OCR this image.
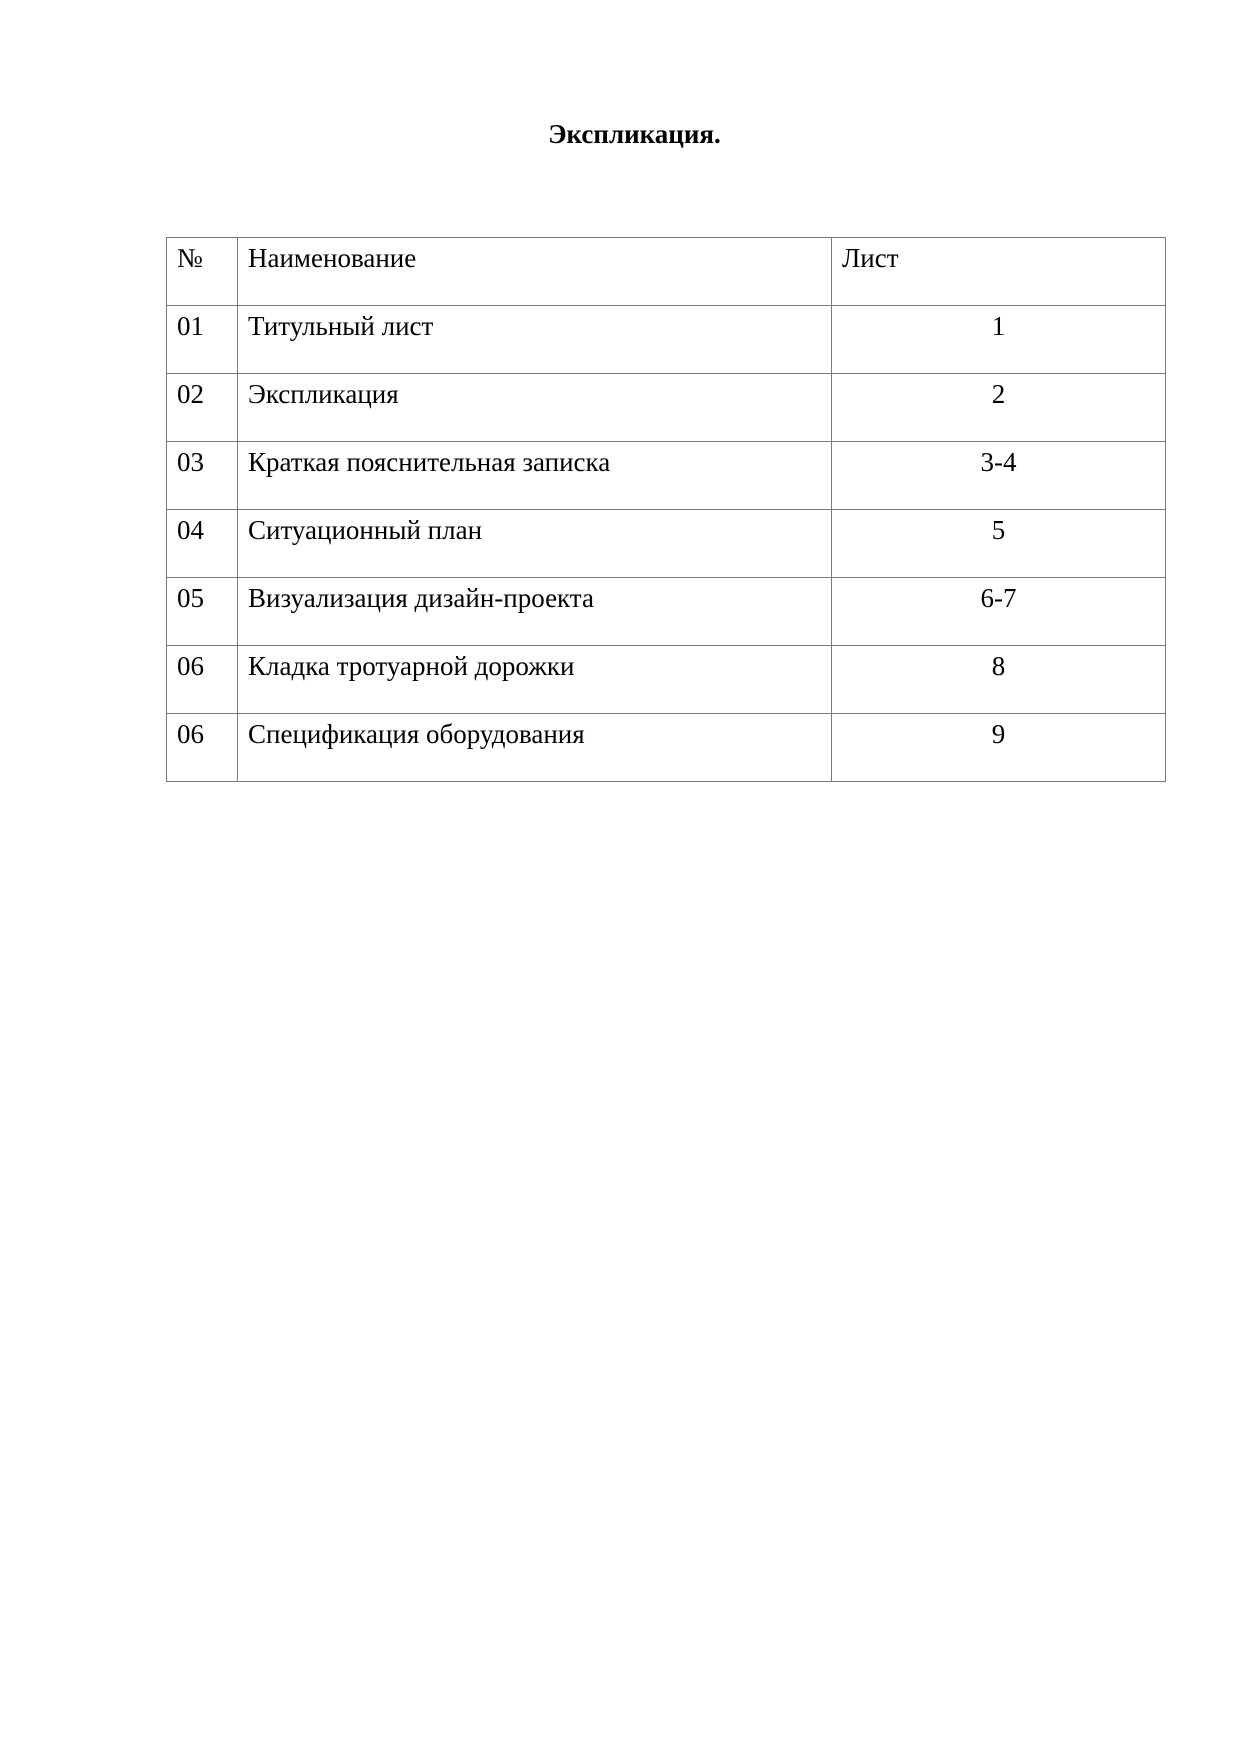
Экспликация.
№	Наименование	Лист
01	Титульный лист	1
02	Экспликация	2
03	Краткая пояснительная записка	3-4
04	Ситуационный план	5
05	Визуализация дизайн-проекта	6-7
06	Кладка тротуарной дорожки	8
06	Спецификация оборудования	9
